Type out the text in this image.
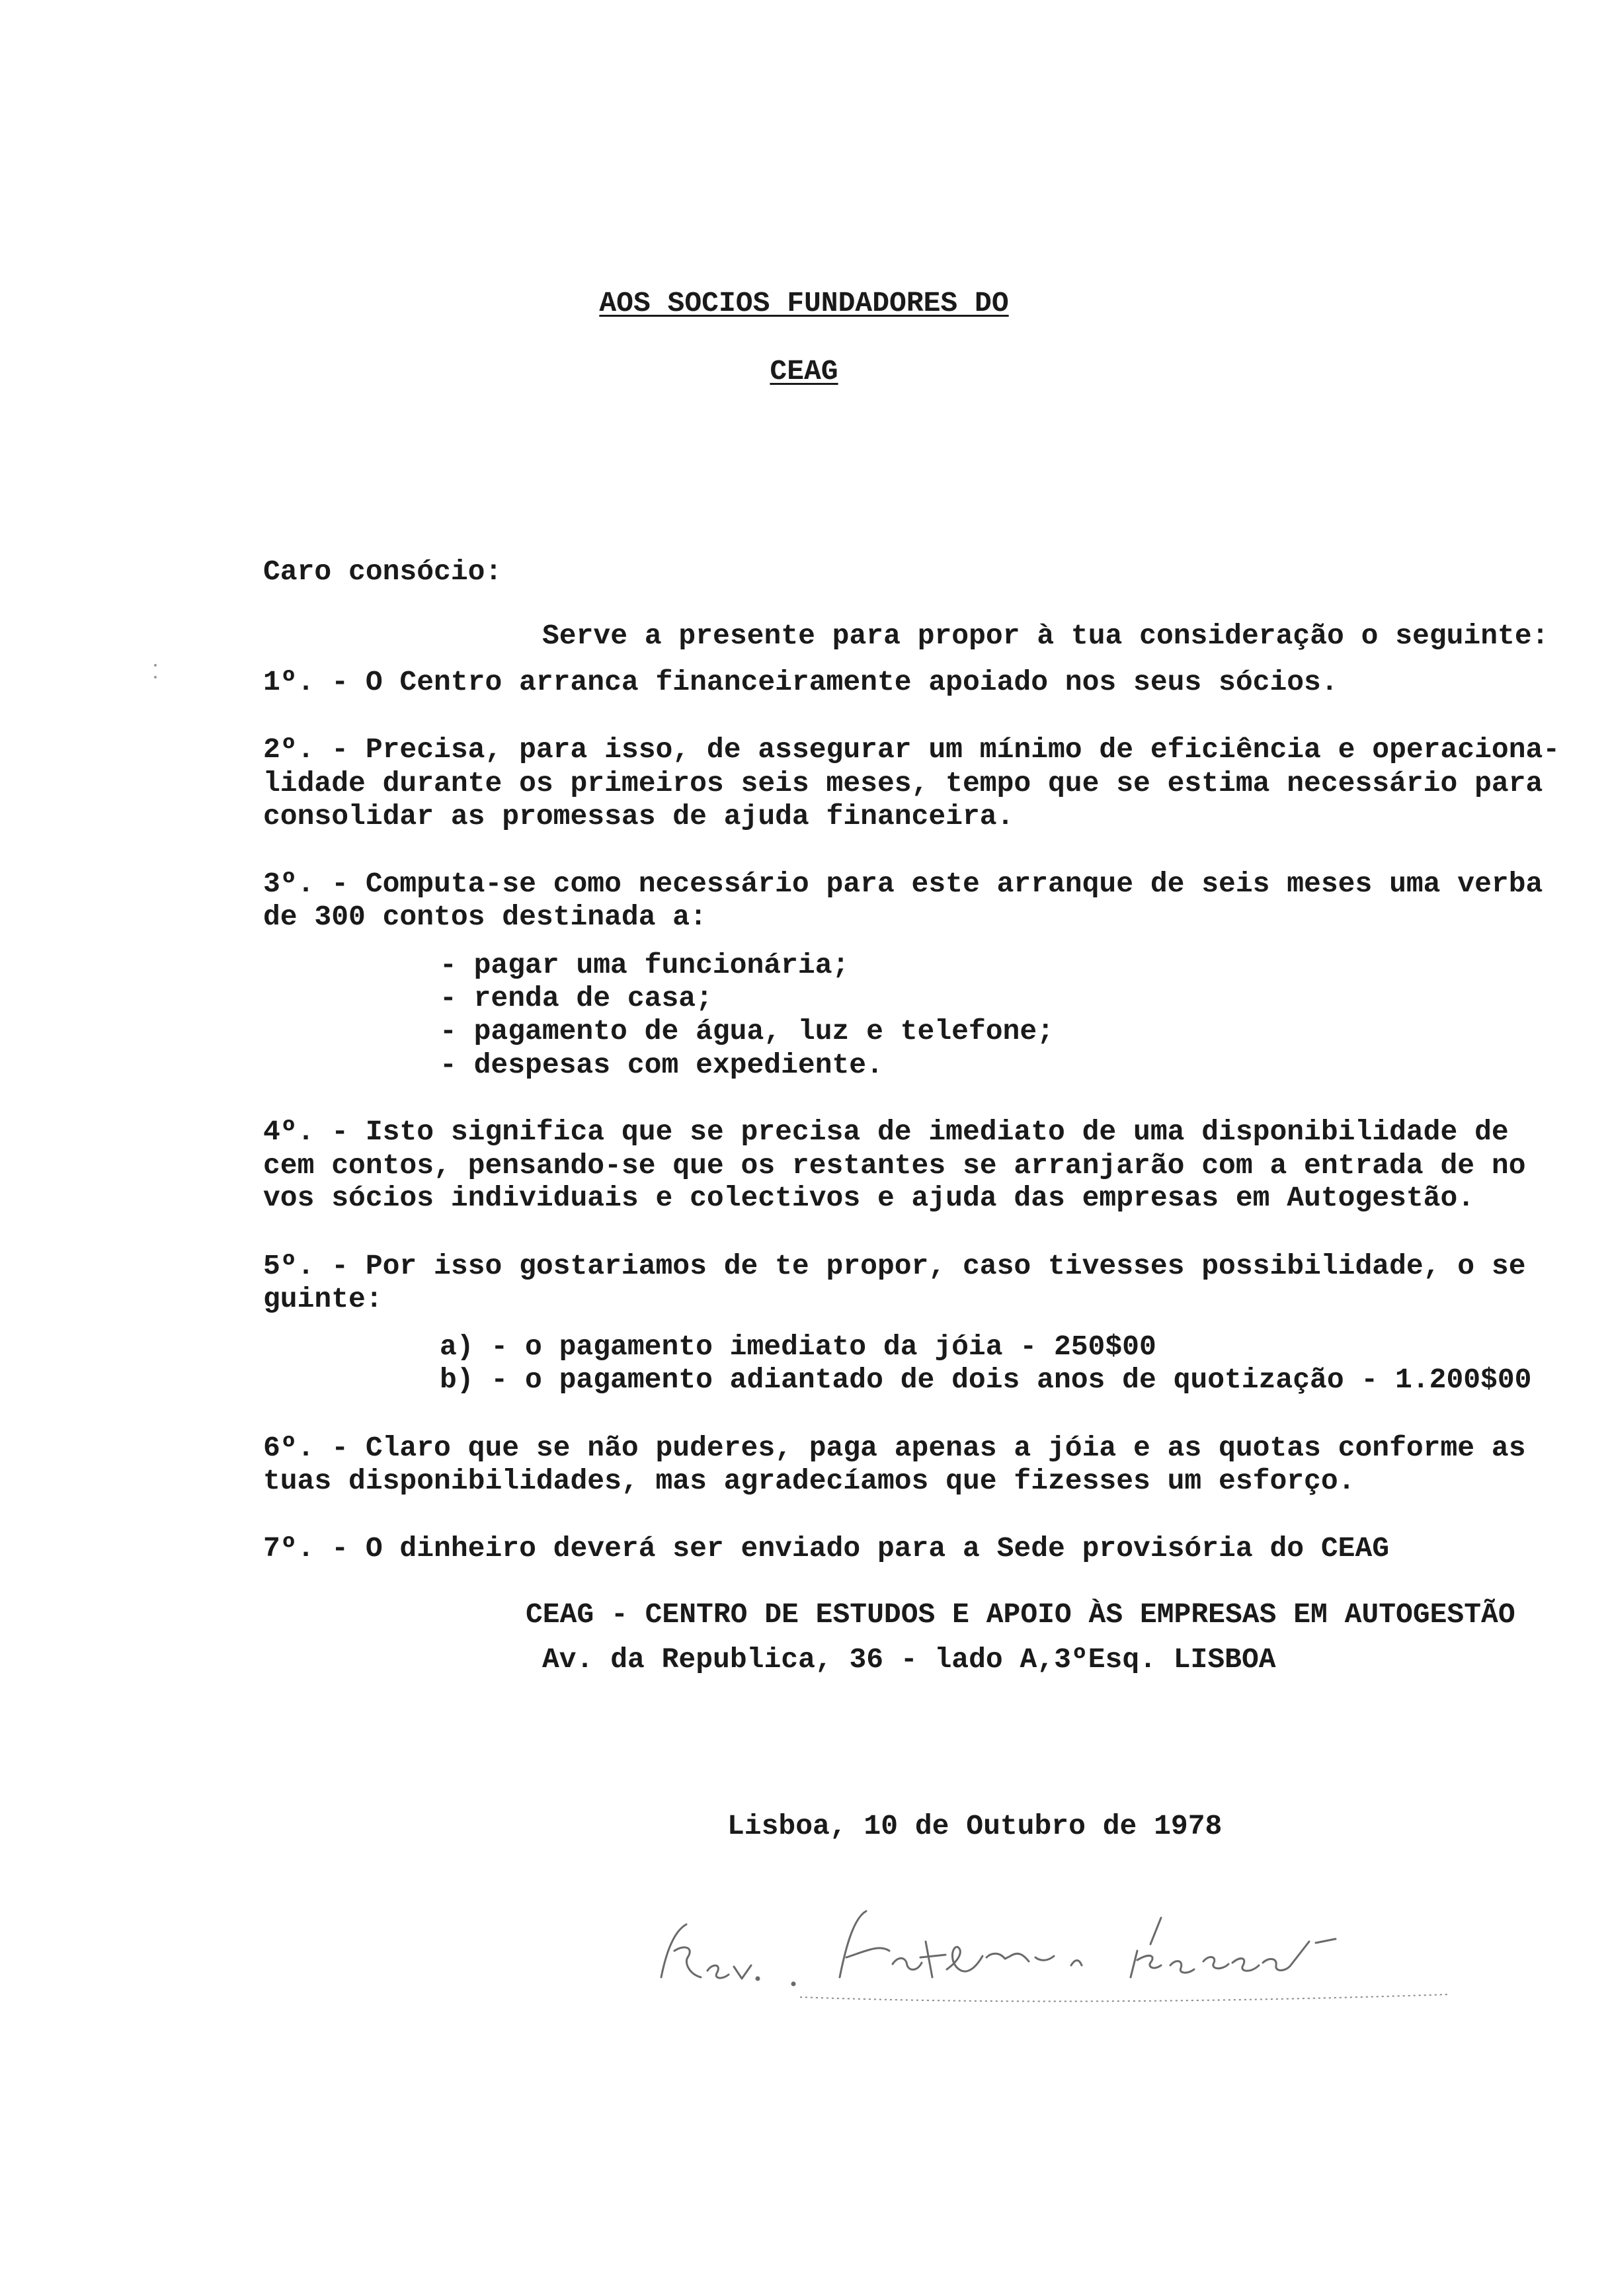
AOS SOCIOS FUNDADORES DO
CEAG
Caro consócio:
Serve a presente para propor à tua consideração o seguinte:
1º. - O Centro arranca financeiramente apoiado nos seus sócios.
2º. - Precisa, para isso, de assegurar um mínimo de eficiência e operaciona-
lidade durante os primeiros seis meses, tempo que se estima necessário para
consolidar as promessas de ajuda financeira.
3º. - Computa-se como necessário para este arranque de seis meses uma verba
de 300 contos destinada a:
- pagar uma funcionária;
- renda de casa;
- pagamento de água, luz e telefone;
- despesas com expediente.
4º. - Isto significa que se precisa de imediato de uma disponibilidade de
cem contos, pensando-se que os restantes se arranjarão com a entrada de no
vos sócios individuais e colectivos e ajuda das empresas em Autogestão.
5º. - Por isso gostariamos de te propor, caso tivesses possibilidade, o se
guinte:
a) - o pagamento imediato da jóia - 250$00
b) - o pagamento adiantado de dois anos de quotização - 1.200$00
6º. - Claro que se não puderes, paga apenas a jóia e as quotas conforme as
tuas disponibilidades, mas agradecíamos que fizesses um esforço.
7º. - O dinheiro deverá ser enviado para a Sede provisória do CEAG
CEAG - CENTRO DE ESTUDOS E APOIO ÀS EMPRESAS EM AUTOGESTÃO
Av. da Republica, 36 - lado A,3ºEsq. LISBOA
Lisboa, 10 de Outubro de 1978
